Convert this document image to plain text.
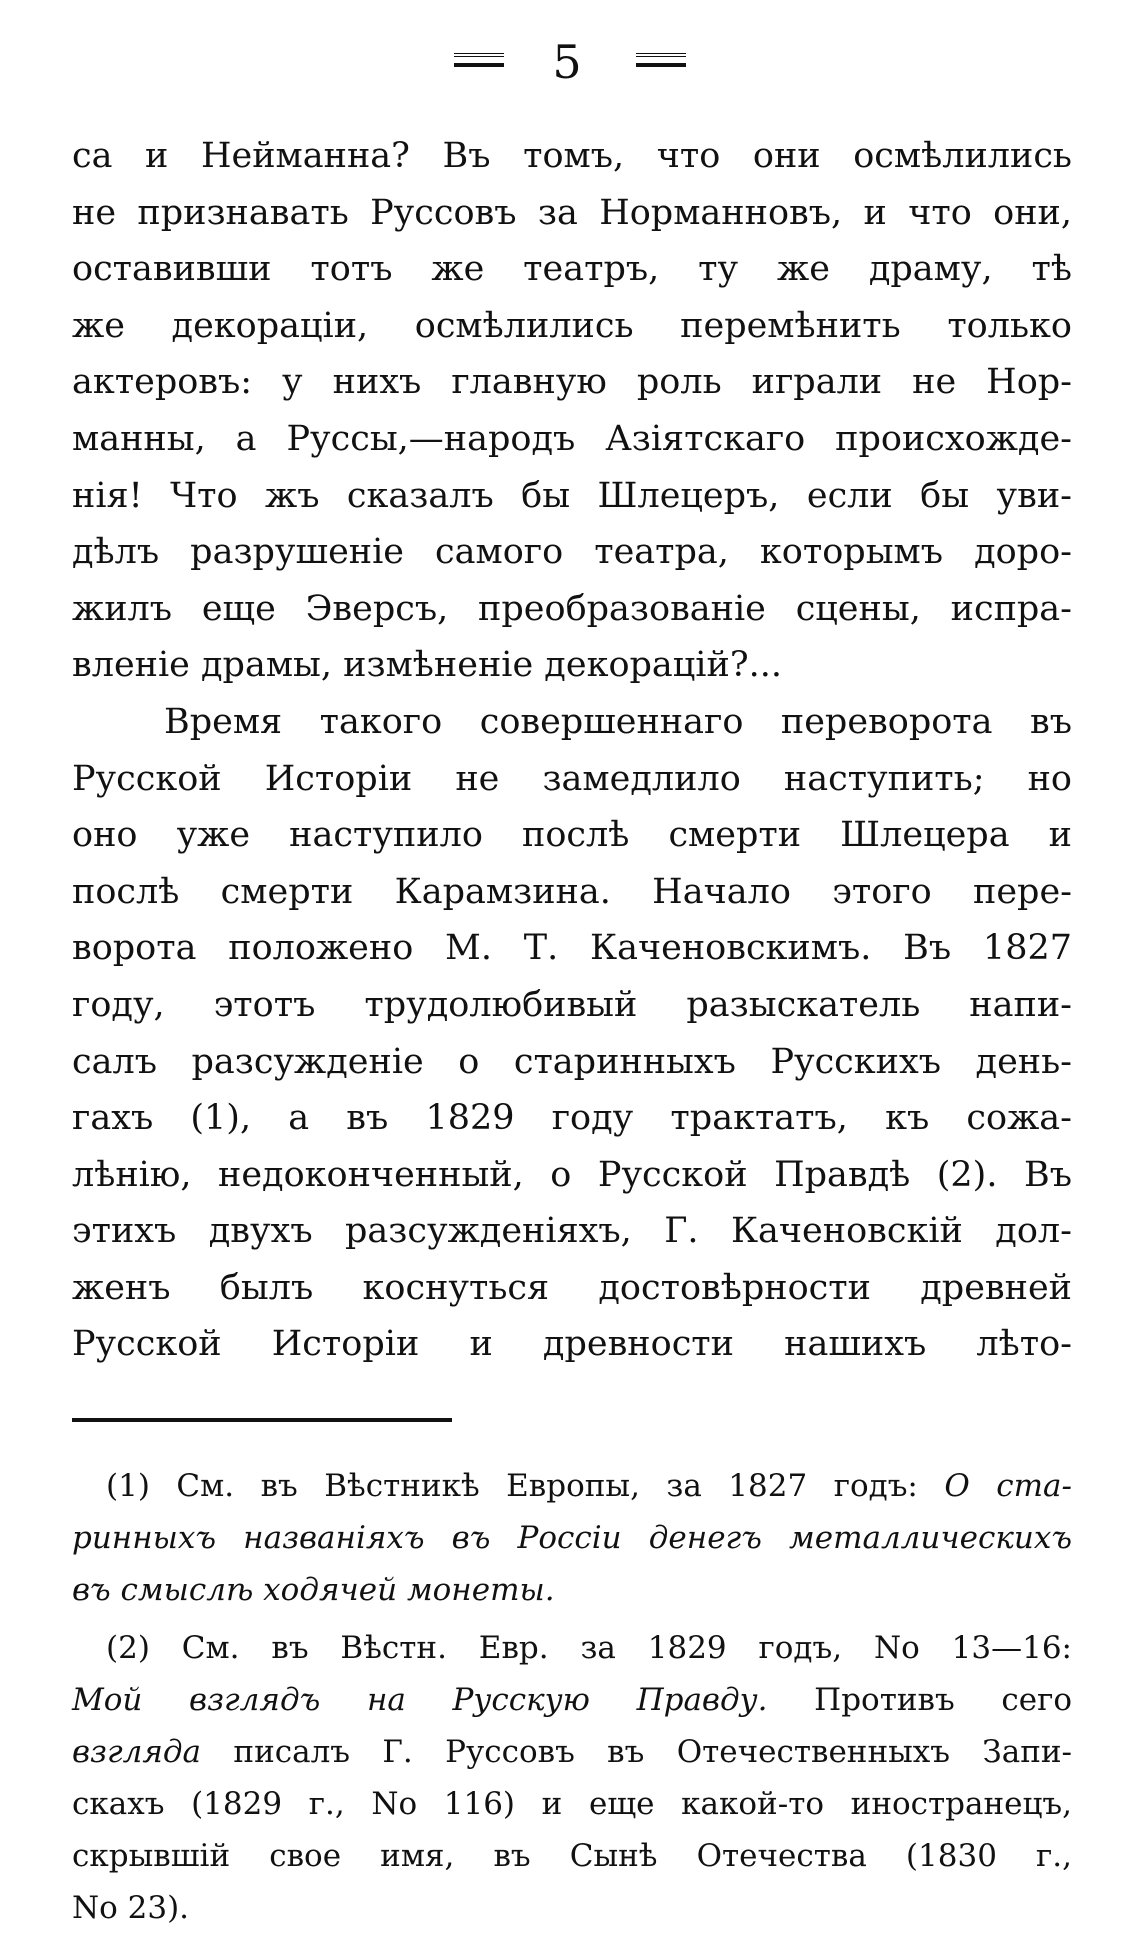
5
са и Нейманна? Въ томъ, что они осмѣлились
не признавать Руссовъ за Норманновъ, и что они,
оставивши тотъ же театръ, ту же драму, тѣ
же декораціи, осмѣлились перемѣнить только
актеровъ: у нихъ главную роль играли не Нор-
манны, а Руссы,—народъ Азіятскаго происхожде-
нія! Что жъ сказалъ бы Шлецеръ, если бы уви-
дѣлъ разрушеніе самого театра, которымъ доро-
жилъ еще Эверсъ, преобразованіе сцены, испра-
вленіе драмы, измѣненіе декорацій?...
Время такого совершеннаго переворота въ
Русской Исторіи не замедлило наступить; но
оно уже наступило послѣ смерти Шлецера и
послѣ смерти Карамзина. Начало этого пере-
ворота положено М. Т. Каченовскимъ. Въ 1827
году, этотъ трудолюбивый разыскатель напи-
салъ разсужденіе о старинныхъ Русскихъ день-
гахъ (1), а въ 1829 году трактатъ, къ сожа-
лѣнію, недоконченный, о Русской Правдѣ (2). Въ
этихъ двухъ разсужденіяхъ, Г. Каченовскій дол-
женъ былъ коснуться достовѣрности древней
Русской Исторіи и древности нашихъ лѣто-
(1) См. въ Вѣстникѣ Европы, за 1827 годъ: О ста-
ринныхъ названіяхъ въ Россіи денегъ металлическихъ
въ смыслѣ ходячей монеты.
(2) См. въ Вѣстн. Евр. за 1829 годъ, No 13—16:
Мой взглядъ на Русскую Правду. Противъ сего
взгляда писалъ Г. Руссовъ въ Отечественныхъ Запи-
скахъ (1829 г., No 116) и еще какой-то иностранецъ,
скрывшій свое имя, въ Сынѣ Отечества (1830 г.,
No 23).
